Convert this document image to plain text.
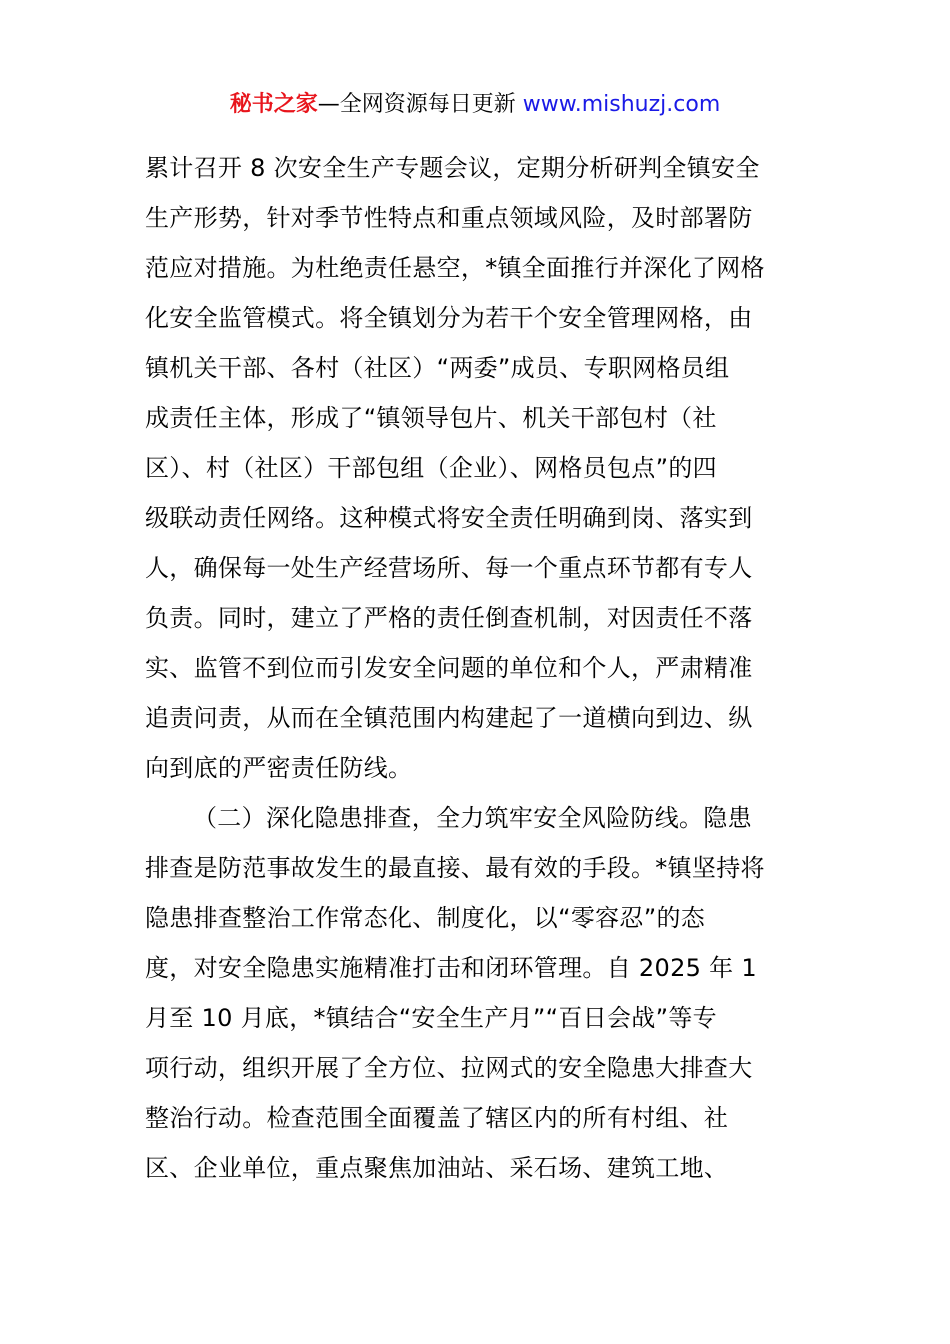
秘书之家—全网资源每日更新 www.mishuzj.com
累计召开 8 次安全生产专题会议，定期分析研判全镇安全
生产形势，针对季节性特点和重点领域风险，及时部署防
范应对措施。为杜绝责任悬空，*镇全面推行并深化了网格
化安全监管模式。将全镇划分为若干个安全管理网格，由
镇机关干部、各村（社区）“两委”成员、专职网格员组
成责任主体，形成了“镇领导包片、机关干部包村（社
区）、村（社区）干部包组（企业）、网格员包点”的四
级联动责任网络。这种模式将安全责任明确到岗、落实到
人，确保每一处生产经营场所、每一个重点环节都有专人
负责。同时，建立了严格的责任倒查机制，对因责任不落
实、监管不到位而引发安全问题的单位和个人，严肃精准
追责问责，从而在全镇范围内构建起了一道横向到边、纵
向到底的严密责任防线。
（二）深化隐患排查，全力筑牢安全风险防线。隐患
排查是防范事故发生的最直接、最有效的手段。*镇坚持将
隐患排查整治工作常态化、制度化，以“零容忍”的态
度，对安全隐患实施精准打击和闭环管理。自 2025 年 1
月至 10 月底，*镇结合“安全生产月”“百日会战”等专
项行动，组织开展了全方位、拉网式的安全隐患大排查大
整治行动。检查范围全面覆盖了辖区内的所有村组、社
区、企业单位，重点聚焦加油站、采石场、建筑工地、
